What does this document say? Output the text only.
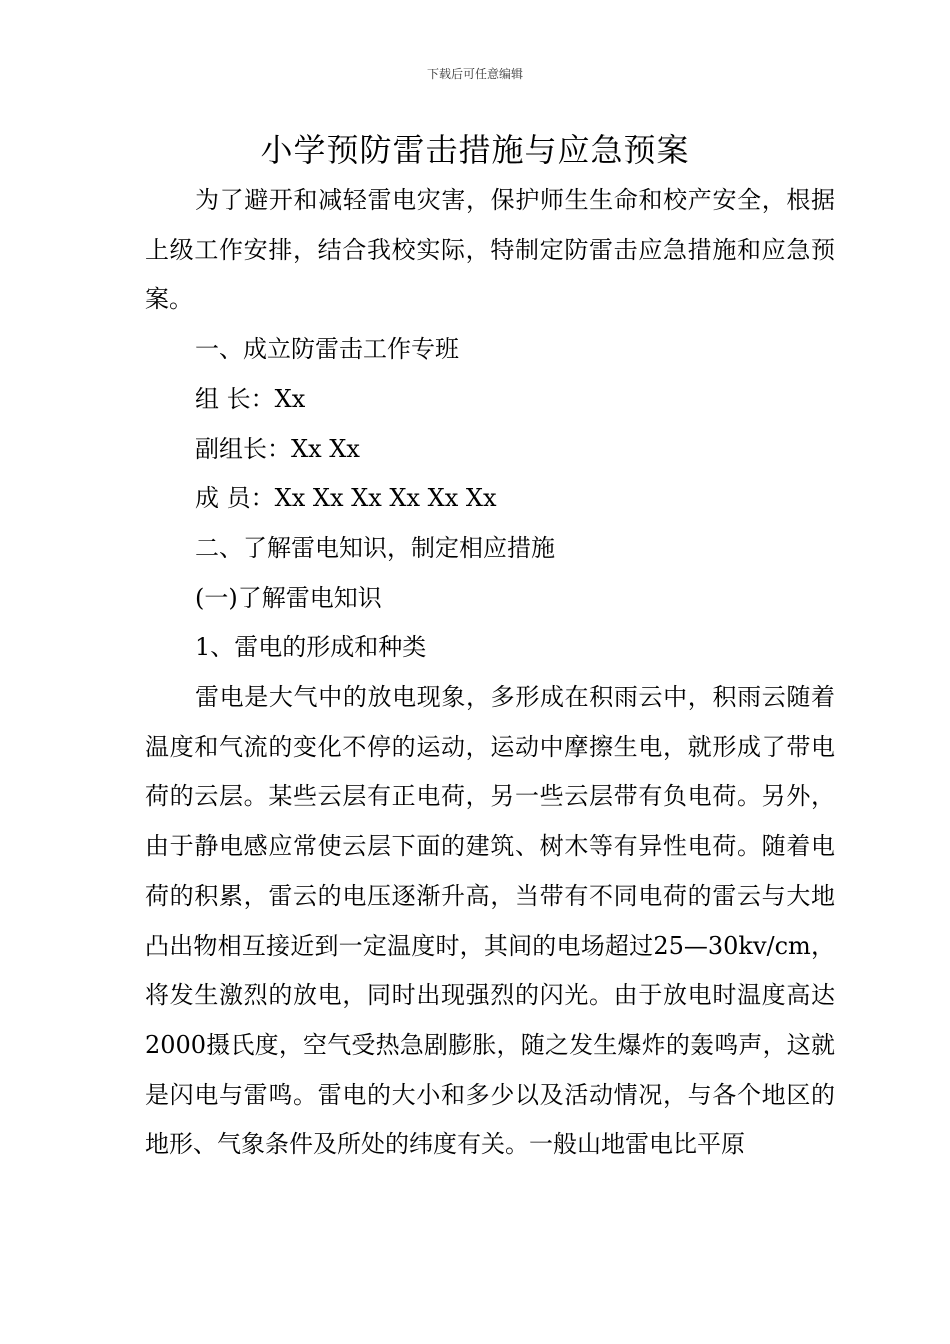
下载后可任意编辑
小学预防雷击措施与应急预案

为了避开和减轻雷电灾害，保护师生生命和校产安全，根据上级工作安排，结合我校实际，特制定防雷击应急措施和应急预案。

一、成立防雷击工作专班

组 长：Xx

副组长：Xx Xx

成 员：Xx Xx Xx Xx Xx Xx

二、了解雷电知识，制定相应措施

(一)了解雷电知识

1、雷电的形成和种类

雷电是大气中的放电现象，多形成在积雨云中，积雨云随着温度和气流的变化不停的运动，运动中摩擦生电，就形成了带电荷的云层。某些云层有正电荷，另一些云层带有负电荷。另外，由于静电感应常使云层下面的建筑、树木等有异性电荷。随着电荷的积累，雷云的电压逐渐升高，当带有不同电荷的雷云与大地凸出物相互接近到一定温度时，其间的电场超过25—30kv/cm，将发生激烈的放电，同时出现强烈的闪光。由于放电时温度高达2000摄氏度，空气受热急剧膨胀，随之发生爆炸的轰鸣声，这就是闪电与雷鸣。雷电的大小和多少以及活动情况，与各个地区的地形、气象条件及所处的纬度有关。一般山地雷电比平原
